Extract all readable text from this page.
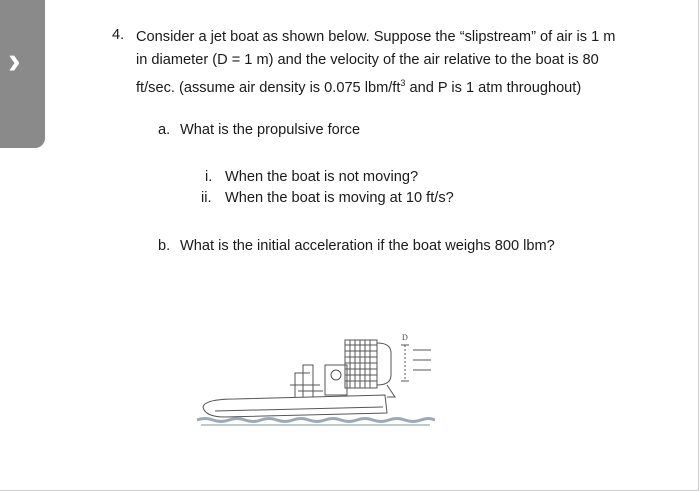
›
4. Consider a jet boat as shown below. Suppose the “slipstream” of air is 1 m
in diameter (D = 1 m) and the velocity of the air relative to the boat is 80
ft/sec. (assume air density is 0.075 lbm/$ft^3$ and P is 1 atm throughout)
a. What is the propulsive force
i. When the boat is not moving?
ii. When the boat is moving at 10 ft/s?
b. What is the initial acceleration if the boat weighs 800 lbm?
D
